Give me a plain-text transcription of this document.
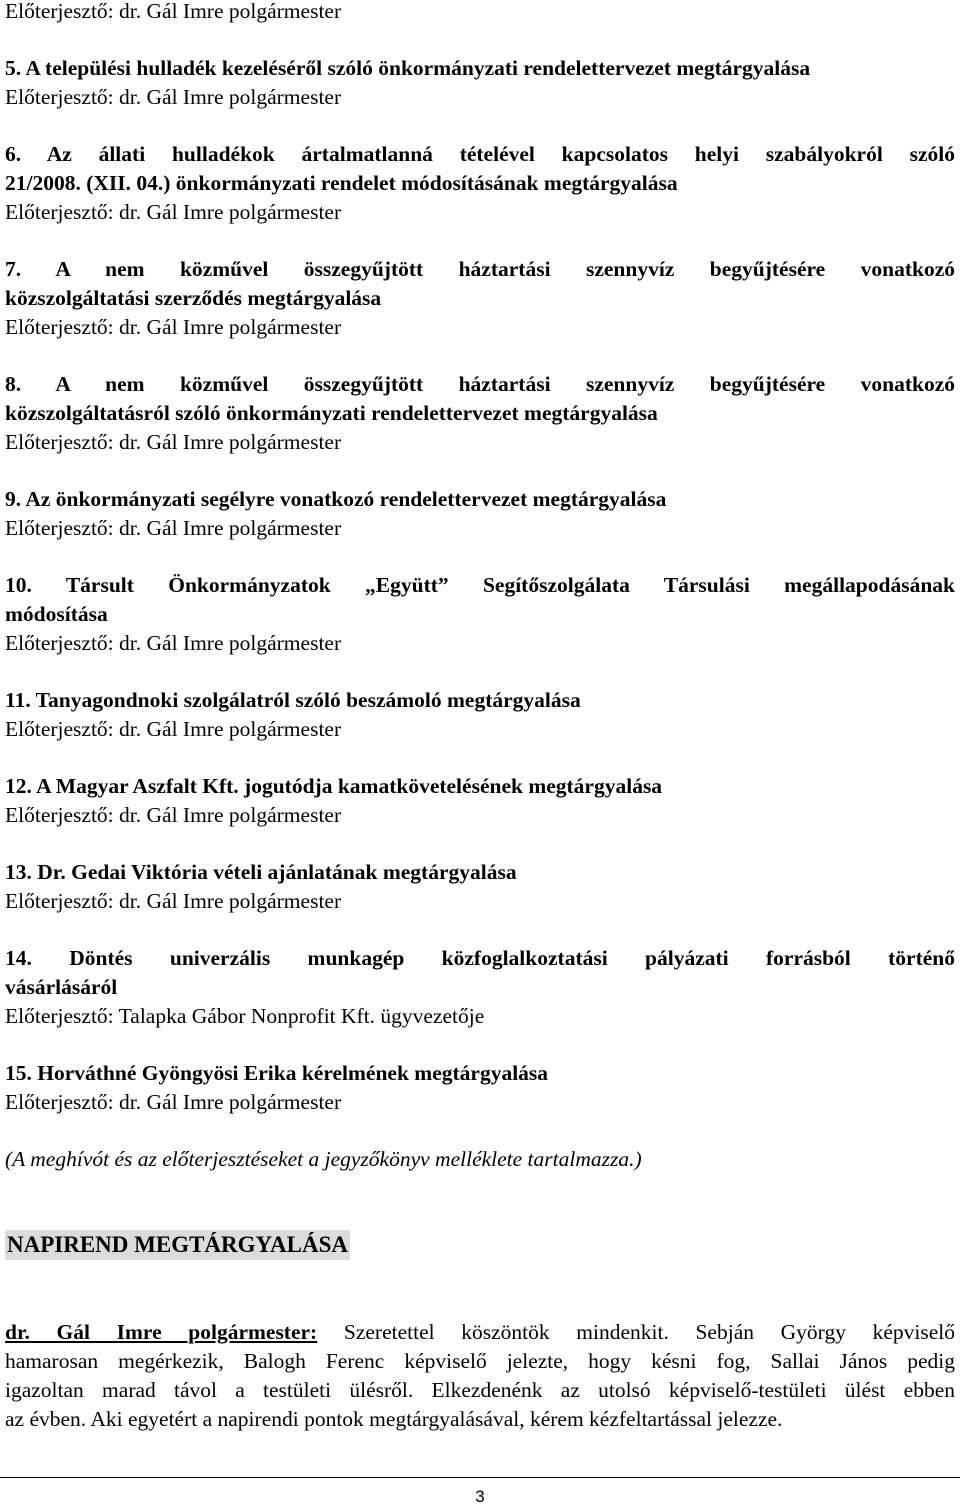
Előterjesztő: dr. Gál Imre polgármester
5. A települési hulladék kezeléséről szóló önkormányzati rendelettervezet megtárgyalása
Előterjesztő: dr. Gál Imre polgármester
6. Az állati hulladékok ártalmatlanná tételével kapcsolatos helyi szabályokról szóló
21/2008. (XII. 04.) önkormányzati rendelet módosításának megtárgyalása
Előterjesztő: dr. Gál Imre polgármester
7. A nem közművel összegyűjtött háztartási szennyvíz begyűjtésére vonatkozó
közszolgáltatási szerződés megtárgyalása
Előterjesztő: dr. Gál Imre polgármester
8. A nem közművel összegyűjtött háztartási szennyvíz begyűjtésére vonatkozó
közszolgáltatásról szóló önkormányzati rendelettervezet megtárgyalása
Előterjesztő: dr. Gál Imre polgármester
9. Az önkormányzati segélyre vonatkozó rendelettervezet megtárgyalása
Előterjesztő: dr. Gál Imre polgármester
10. Társult Önkormányzatok „Együtt” Segítőszolgálata Társulási megállapodásának
módosítása
Előterjesztő: dr. Gál Imre polgármester
11. Tanyagondnoki szolgálatról szóló beszámoló megtárgyalása
Előterjesztő: dr. Gál Imre polgármester
12. A Magyar Aszfalt Kft. jogutódja kamatkövetelésének megtárgyalása
Előterjesztő: dr. Gál Imre polgármester
13. Dr. Gedai Viktória vételi ajánlatának megtárgyalása
Előterjesztő: dr. Gál Imre polgármester
14. Döntés univerzális munkagép közfoglalkoztatási pályázati forrásból történő
vásárlásáról
Előterjesztő: Talapka Gábor Nonprofit Kft. ügyvezetője
15. Horváthné Gyöngyösi Erika kérelmének megtárgyalása
Előterjesztő: dr. Gál Imre polgármester
(A meghívót és az előterjesztéseket a jegyzőkönyv melléklete tartalmazza.)
NAPIREND MEGTÁRGYALÁSA
dr. Gál Imre polgármester: Szeretettel köszöntök mindenkit. Sebján György képviselő
hamarosan megérkezik, Balogh Ferenc képviselő jelezte, hogy késni fog, Sallai János pedig
igazoltan marad távol a testületi ülésről. Elkezdenénk az utolsó képviselő-testületi ülést ebben
az évben. Aki egyetért a napirendi pontok megtárgyalásával, kérem kézfeltartással jelezze.
3
